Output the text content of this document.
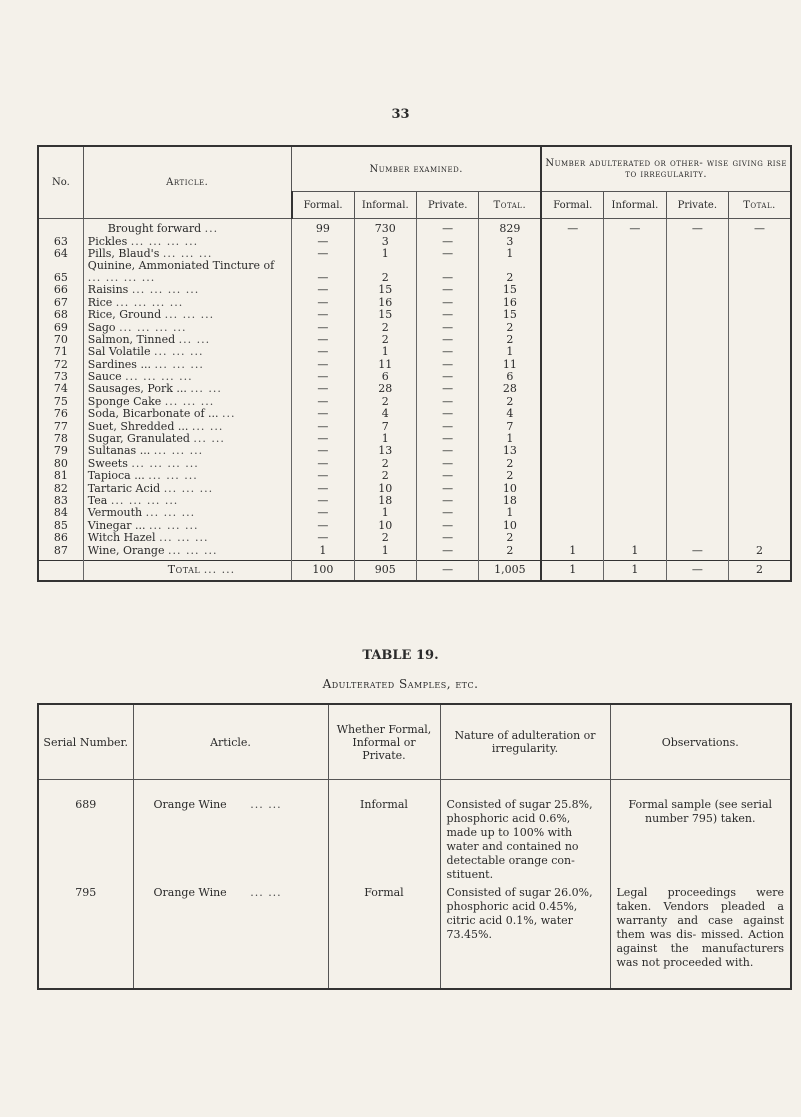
33
No.	Article.	Number examined.				Number adulterated or other- wise giving rise to irregularity.			
		Formal.	Informal.	Private.	Total.	Formal.	Informal.	Private.	Total.
	Brought forward ...	99	730	—	829	—	—	—	—
63	Pickles ... ... ... ...	—	3	—	3				
64	Pills, Blaud's ... ... ...	—	1	—	1				
65	Quinine, Ammoniated Tincture of ... ... ... ...	—	2	—	2				
66	Raisins ... ... ... ...	—	15	—	15				
67	Rice ... ... ... ...	—	16	—	16				
68	Rice, Ground ... ... ...	—	15	—	15				
69	Sago ... ... ... ...	—	2	—	2				
70	Salmon, Tinned ... ...	—	2	—	2				
71	Sal Volatile ... ... ...	—	1	—	1				
72	Sardines ... ... ... ...	—	11	—	11				
73	Sauce ... ... ... ...	—	6	—	6				
74	Sausages, Pork ... ... ...	—	28	—	28				
75	Sponge Cake ... ... ...	—	2	—	2				
76	Soda, Bicarbonate of ... ...	—	4	—	4				
77	Suet, Shredded ... ... ...	—	7	—	7				
78	Sugar, Granulated ... ...	—	1	—	1				
79	Sultanas ... ... ... ...	—	13	—	13				
80	Sweets ... ... ... ...	—	2	—	2				
81	Tapioca ... ... ... ...	—	2	—	2				
82	Tartaric Acid ... ... ...	—	10	—	10				
83	Tea ... ... ... ...	—	18	—	18				
84	Vermouth ... ... ...	—	1	—	1				
85	Vinegar ... ... ... ...	—	10	—	10				
86	Witch Hazel ... ... ...	—	2	—	2				
87	Wine, Orange ... ... ...	1	1	—	2	1	1	—	2
	Total ... ...	100	905	—	1,005	1	1	—	2
TABLE 19.
Adulterated Samples, etc.
Serial Number.	Article.	Whether Formal, Informal or Private.	Nature of adulteration or irregularity.	Observations.
689	Orange Wine ... ...	Informal	Consisted of sugar 25.8%, phosphoric acid 0.6%, made up to 100% with water and contained no detectable orange con- stituent.	Formal sample (see serial number 795) taken.
795	Orange Wine ... ...	Formal	Consisted of sugar 26.0%, phosphoric acid 0.45%, citric acid 0.1%, water 73.45%.	Legal proceedings were taken. Vendors pleaded a warranty and case against them was dis- missed. Action against the manufacturers was not proceeded with.
